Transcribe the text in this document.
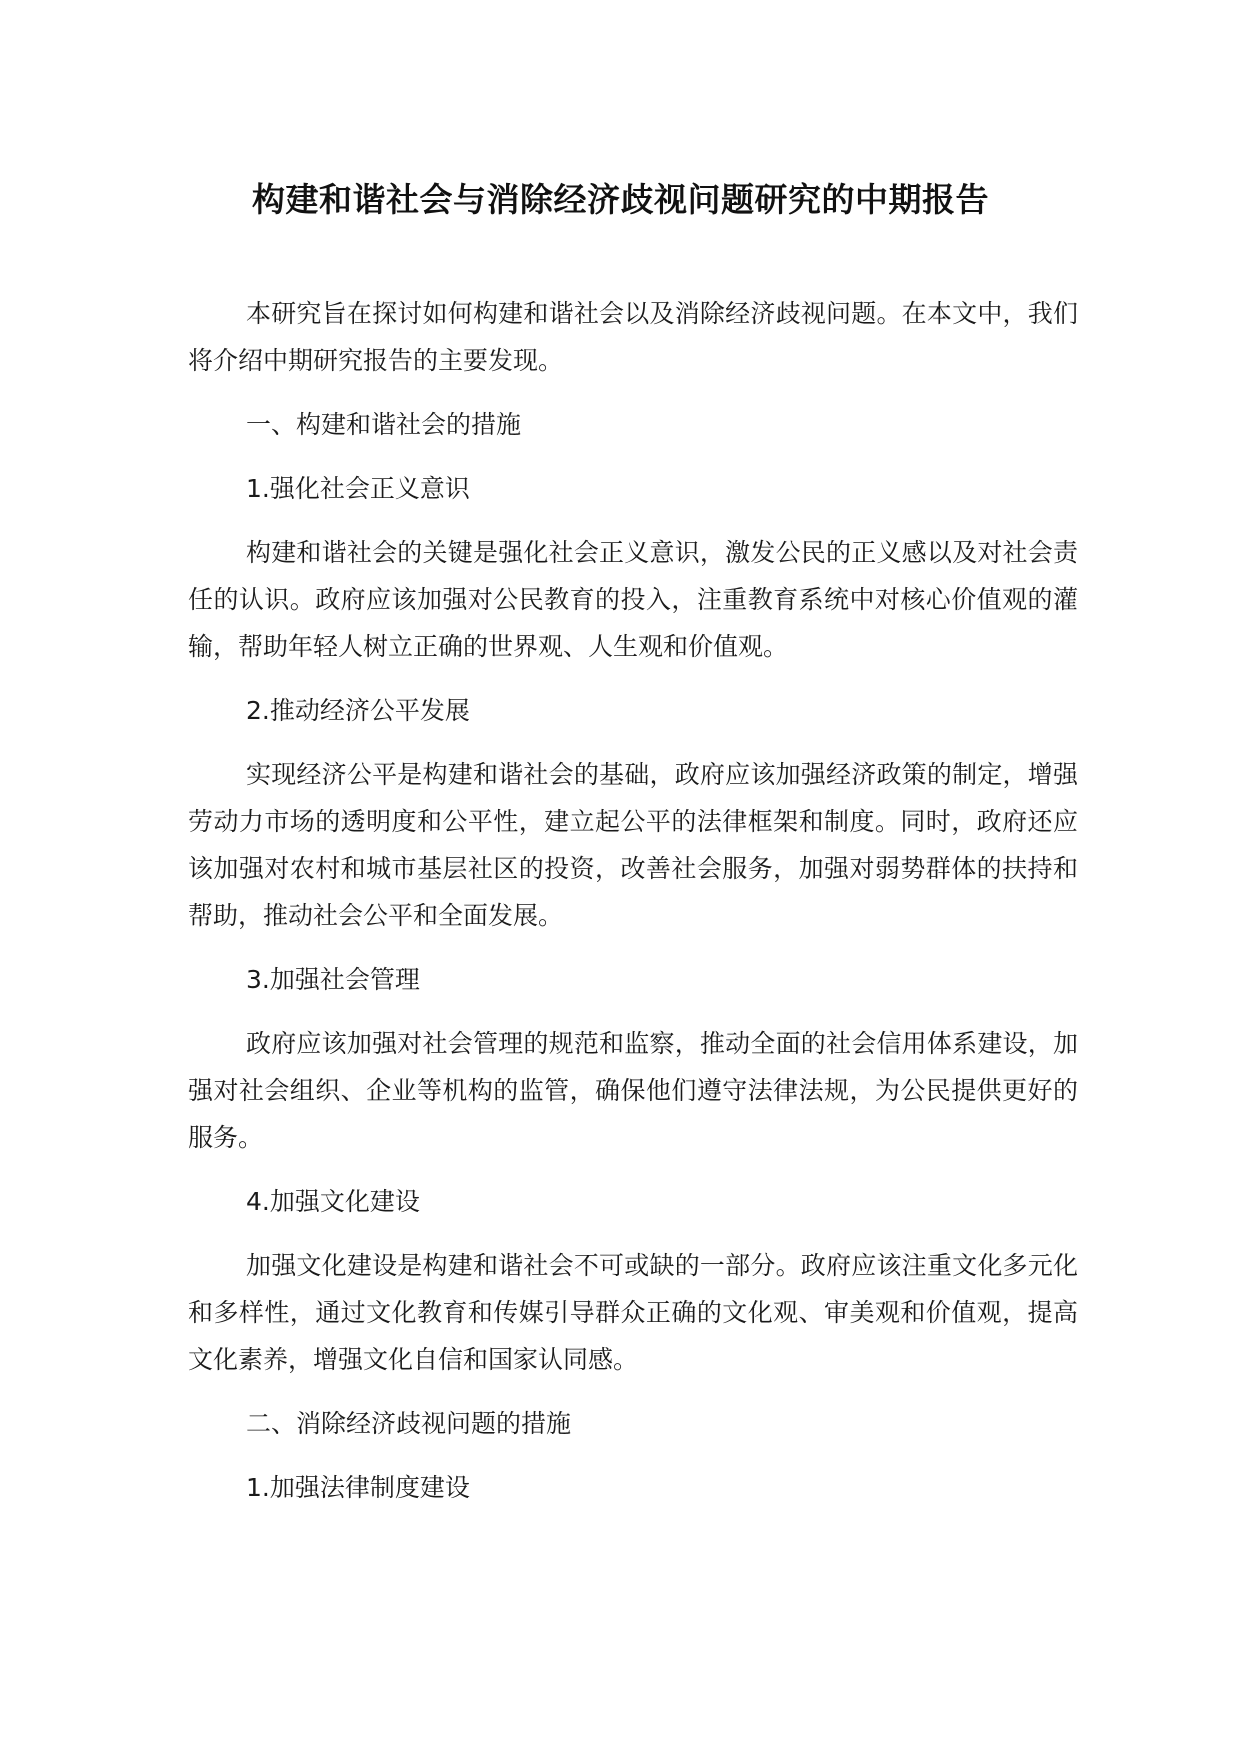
构建和谐社会与消除经济歧视问题研究的中期报告

本研究旨在探讨如何构建和谐社会以及消除经济歧视问题。在本文中，我们将介绍中期研究报告的主要发现。

一、构建和谐社会的措施
1.强化社会正义意识

构建和谐社会的关键是强化社会正义意识，激发公民的正义感以及对社会责任的认识。政府应该加强对公民教育的投入，注重教育系统中对核心价值观的灌输，帮助年轻人树立正确的世界观、人生观和价值观。

2.推动经济公平发展

实现经济公平是构建和谐社会的基础，政府应该加强经济政策的制定，增强劳动力市场的透明度和公平性，建立起公平的法律框架和制度。同时，政府还应该加强对农村和城市基层社区的投资，改善社会服务，加强对弱势群体的扶持和帮助，推动社会公平和全面发展。

3.加强社会管理

政府应该加强对社会管理的规范和监察，推动全面的社会信用体系建设，加强对社会组织、企业等机构的监管，确保他们遵守法律法规，为公民提供更好的服务。

4.加强文化建设

加强文化建设是构建和谐社会不可或缺的一部分。政府应该注重文化多元化和多样性，通过文化教育和传媒引导群众正确的文化观、审美观和价值观，提高文化素养，增强文化自信和国家认同感。

二、消除经济歧视问题的措施
1.加强法律制度建设
